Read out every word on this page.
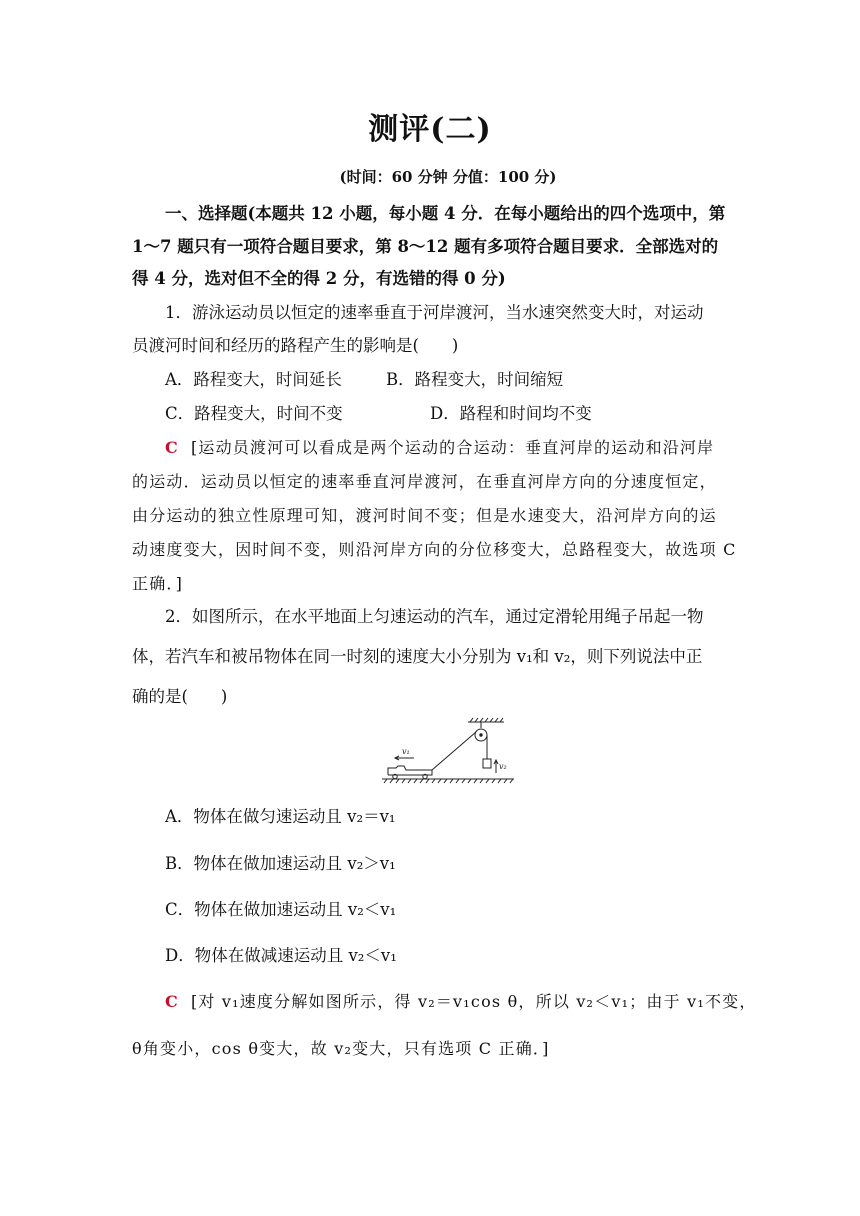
测评(二)
(时间：60 分钟 分值：100 分)
一、选择题(本题共 12 小题，每小题 4 分．在每小题给出的四个选项中，第
1～7 题只有一项符合题目要求，第 8～12 题有多项符合题目要求．全部选对的
得 4 分，选对但不全的得 2 分，有选错的得 0 分)
1．游泳运动员以恒定的速率垂直于河岸渡河，当水速突然变大时，对运动
员渡河时间和经历的路程产生的影响是(　　)
A．路程变大，时间延长	B．路程变大，时间缩短
C．路程变大，时间不变	D．路程和时间均不变
C [运动员渡河可以看成是两个运动的合运动：垂直河岸的运动和沿河岸
的运动．运动员以恒定的速率垂直河岸渡河，在垂直河岸方向的分速度恒定，
由分运动的独立性原理可知，渡河时间不变；但是水速变大，沿河岸方向的运
动速度变大，因时间不变，则沿河岸方向的分位移变大，总路程变大，故选项 C
正确．]
2．如图所示，在水平地面上匀速运动的汽车，通过定滑轮用绳子吊起一物
体，若汽车和被吊物体在同一时刻的速度大小分别为 v₁和 v₂，则下列说法中正
确的是(　　)
v₁
v₂
A．物体在做匀速运动且 v₂＝v₁
B．物体在做加速运动且 v₂＞v₁
C．物体在做加速运动且 v₂＜v₁
D．物体在做减速运动且 v₂＜v₁
C [对 v₁速度分解如图所示，得 v₂＝v₁cos θ，所以 v₂＜v₁；由于 v₁不变，
θ角变小，cos θ变大，故 v₂变大，只有选项 C 正确．]
